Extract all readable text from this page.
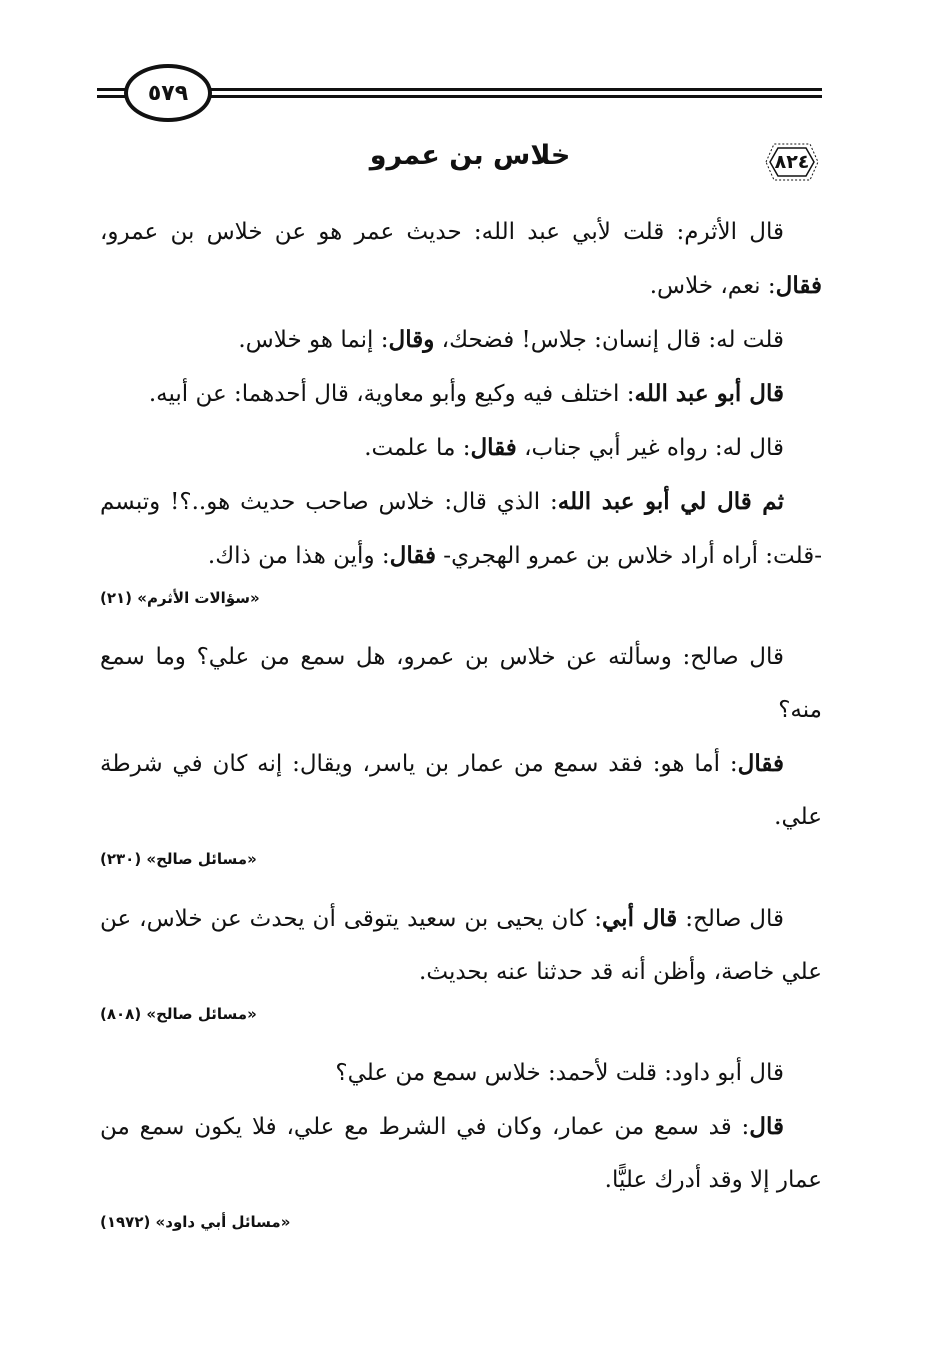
٥٧٩
٨٢٤
خلاس بن عمرو

قال الأثرم: قلت لأبي عبد الله: حديث عمر هو عن خلاس بن عمرو، فقال: نعم، خلاس.

قلت له: قال إنسان: جلاس! فضحك، وقال: إنما هو خلاس.

قال أبو عبد الله: اختلف فيه وكيع وأبو معاوية، قال أحدهما: عن أبيه.

قال له: رواه غير أبي جناب، فقال: ما علمت.

ثم قال لي أبو عبد الله: الذي قال: خلاس صاحب حديث هو..؟! وتبسم -قلت: أراه أراد خلاس بن عمرو الهجري- فقال: وأين هذا من ذاك.

«سؤالات الأثرم» (٢١)

قال صالح: وسألته عن خلاس بن عمرو، هل سمع من علي؟ وما سمع منه؟

فقال: أما هو: فقد سمع من عمار بن ياسر، ويقال: إنه كان في شرطة علي.

«مسائل صالح» (٢٣٠)

قال صالح: قال أبي: كان يحيى بن سعيد يتوقى أن يحدث عن خلاس، عن علي خاصة، وأظن أنه قد حدثنا عنه بحديث.

«مسائل صالح» (٨٠٨)

قال أبو داود: قلت لأحمد: خلاس سمع من علي؟

قال: قد سمع من عمار، وكان في الشرط مع علي، فلا يكون سمع من عمار إلا وقد أدرك عليًّا.

«مسائل أبي داود» (١٩٧٢)
